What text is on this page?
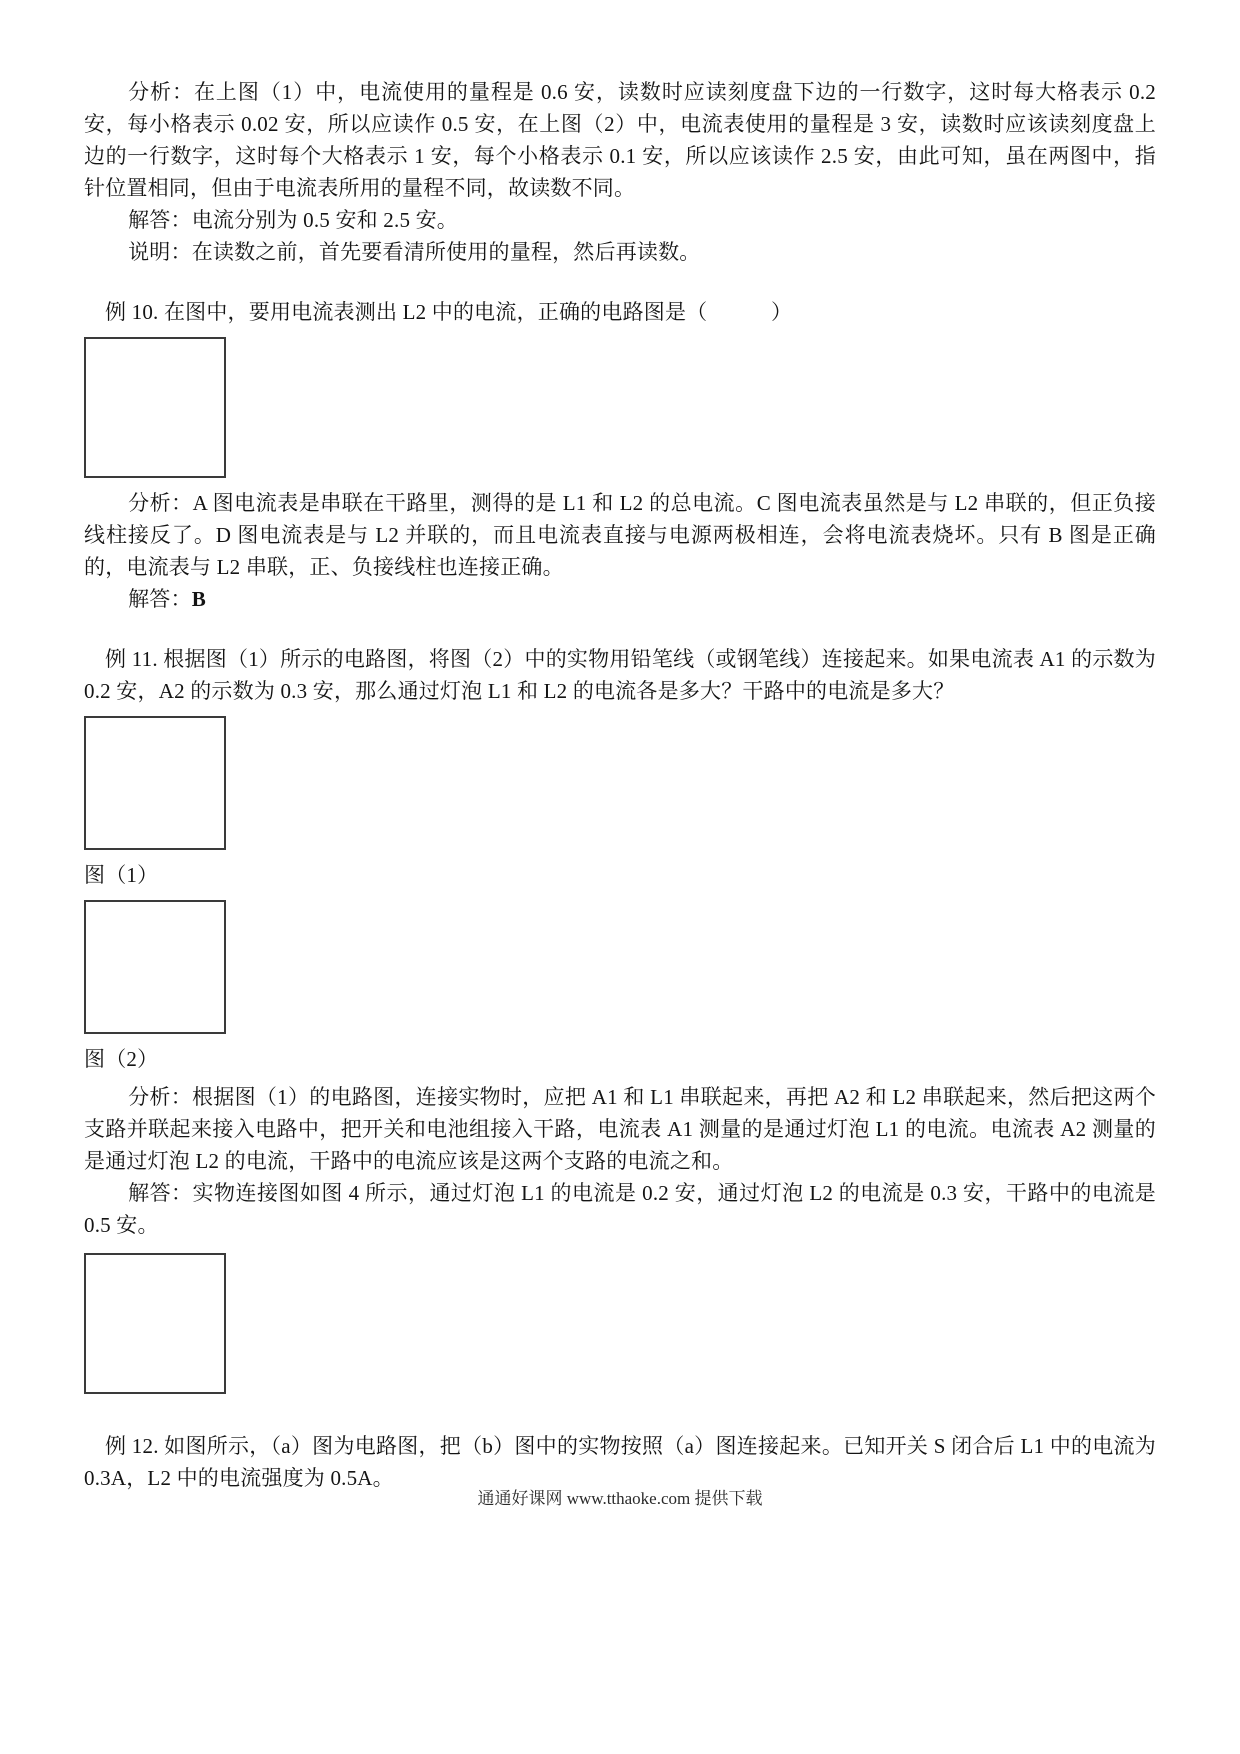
分析：在上图（1）中，电流使用的量程是 0.6 安，读数时应读刻度盘下边的一行数字，这时每大格表示 0.2 安，每小格表示 0.02 安，所以应读作 0.5 安，在上图（2）中，电流表使用的量程是 3 安，读数时应该读刻度盘上边的一行数字，这时每个大格表示 1 安，每个小格表示 0.1 安，所以应该读作 2.5 安，由此可知，虽在两图中，指针位置相同，但由于电流表所用的量程不同，故读数不同。

解答：电流分别为 0.5 安和 2.5 安。

说明：在读数之前，首先要看清所使用的量程，然后再读数。

例 10. 在图中，要用电流表测出 L2 中的电流，正确的电路图是（　　　）

分析：A 图电流表是串联在干路里，测得的是 L1 和 L2 的总电流。C 图电流表虽然是与 L2 串联的，但正负接线柱接反了。D 图电流表是与 L2 并联的，而且电流表直接与电源两极相连，会将电流表烧坏。只有 B 图是正确的，电流表与 L2 串联，正、负接线柱也连接正确。

解答：B

例 11. 根据图（1）所示的电路图，将图（2）中的实物用铅笔线（或钢笔线）连接起来。如果电流表 A1 的示数为 0.2 安，A2 的示数为 0.3 安，那么通过灯泡 L1 和 L2 的电流各是多大？干路中的电流是多大？

图（1）

图（2）

分析：根据图（1）的电路图，连接实物时，应把 A1 和 L1 串联起来，再把 A2 和 L2 串联起来，然后把这两个支路并联起来接入电路中，把开关和电池组接入干路，电流表 A1 测量的是通过灯泡 L1 的电流。电流表 A2 测量的是通过灯泡 L2 的电流，干路中的电流应该是这两个支路的电流之和。

解答：实物连接图如图 4 所示，通过灯泡 L1 的电流是 0.2 安，通过灯泡 L2 的电流是 0.3 安，干路中的电流是 0.5 安。

例 12. 如图所示，（a）图为电路图，把（b）图中的实物按照（a）图连接起来。已知开关 S 闭合后 L1 中的电流为 0.3A，L2 中的电流强度为 0.5A。

通通好课网 www.tthaoke.com 提供下载
